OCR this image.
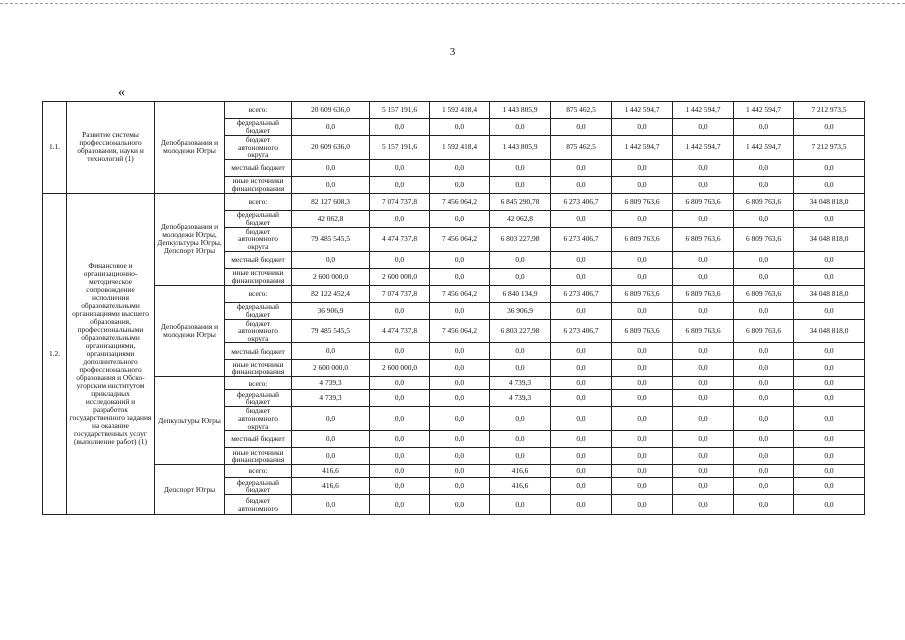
3
«
1.1.	Развитие системы профессионального образования, науки и технологий (1)	Депобразования и молодежи Югры	всего:	20 609 636,0	5 157 191,6	1 592 418,4	1 443 805,9	875 462,5	1 442 594,7	1 442 594,7	1 442 594,7	7 212 973,5
			федеральный бюджет	0,0	0,0	0,0	0,0	0,0	0,0	0,0	0,0	0,0
			бюджет автономного округа	20 609 636,0	5 157 191,6	1 592 418,4	1 443 805,9	875 462,5	1 442 594,7	1 442 594,7	1 442 594,7	7 212 973,5
			местный бюджет	0,0	0,0	0,0	0,0	0,0	0,0	0,0	0,0	0,0
			иные источники финансирования	0,0	0,0	0,0	0,0	0,0	0,0	0,0	0,0	0,0
1.2.	Финансовое и организационно-методическое сопровождение исполнения образовательными организациями высшего образования, профессиональными образовательными организациями, организациями дополнительного профессионального образования и Обско-угорским институтом прикладных исследований и разработок государственного задания на оказание государственных услуг (выполнение работ) (1)	Депобразования и молодежи Югры, Депкультуры Югры, Депспорт Югры	всего:	82 127 608,3	7 074 737,8	7 456 064,2	6 845 290,78	6 273 406,7	6 809 763,6	6 809 763,6	6 809 763,6	34 048 818,0
			федеральный бюджет	42 062,8	0,0	0,0	42 062,8	0,0	0,0	0,0	0,0	0,0
			бюджет автономного округа	79 485 545,5	4 474 737,8	7 456 064,2	6 803 227,98	6 273 406,7	6 809 763,6	6 809 763,6	6 809 763,6	34 048 818,0
			местный бюджет	0,0	0,0	0,0	0,0	0,0	0,0	0,0	0,0	0,0
			иные источники финансирования	2 600 000,0	2 600 000,0	0,0	0,0	0,0	0,0	0,0	0,0	0,0
		Депобразования и молодежи Югры	всего:	82 122 452,4	7 074 737,8	7 456 064,2	6 840 134,9	6 273 406,7	6 809 763,6	6 809 763,6	6 809 763,6	34 048 818,0
			федеральный бюджет	36 906,9	0,0	0,0	36 906,9	0,0	0,0	0,0	0,0	0,0
			бюджет автономного округа	79 485 545,5	4 474 737,8	7 456 064,2	6 803 227,98	6 273 406,7	6 809 763,6	6 809 763,6	6 809 763,6	34 048 818,0
			местный бюджет	0,0	0,0	0,0	0,0	0,0	0,0	0,0	0,0	0,0
			иные источники финансирования	2 600 000,0	2 600 000,0	0,0	0,0	0,0	0,0	0,0	0,0	0,0
		Депкультуры Югры	всего:	4 739,3	0,0	0,0	4 739,3	0,0	0,0	0,0	0,0	0,0
			федеральный бюджет	4 739,3	0,0	0,0	4 739,3	0,0	0,0	0,0	0,0	0,0
			бюджет автономного округа	0,0	0,0	0,0	0,0	0,0	0,0	0,0	0,0	0,0
			местный бюджет	0,0	0,0	0,0	0,0	0,0	0,0	0,0	0,0	0,0
			иные источники финансирования	0,0	0,0	0,0	0,0	0,0	0,0	0,0	0,0	0,0
		Депспорт Югры	всего:	416,6	0,0	0,0	416,6	0,0	0,0	0,0	0,0	0,0
			федеральный бюджет	416,6	0,0	0,0	416,6	0,0	0,0	0,0	0,0	0,0
			бюджет автономного	0,0	0,0	0,0	0,0	0,0	0,0	0,0	0,0	0,0
